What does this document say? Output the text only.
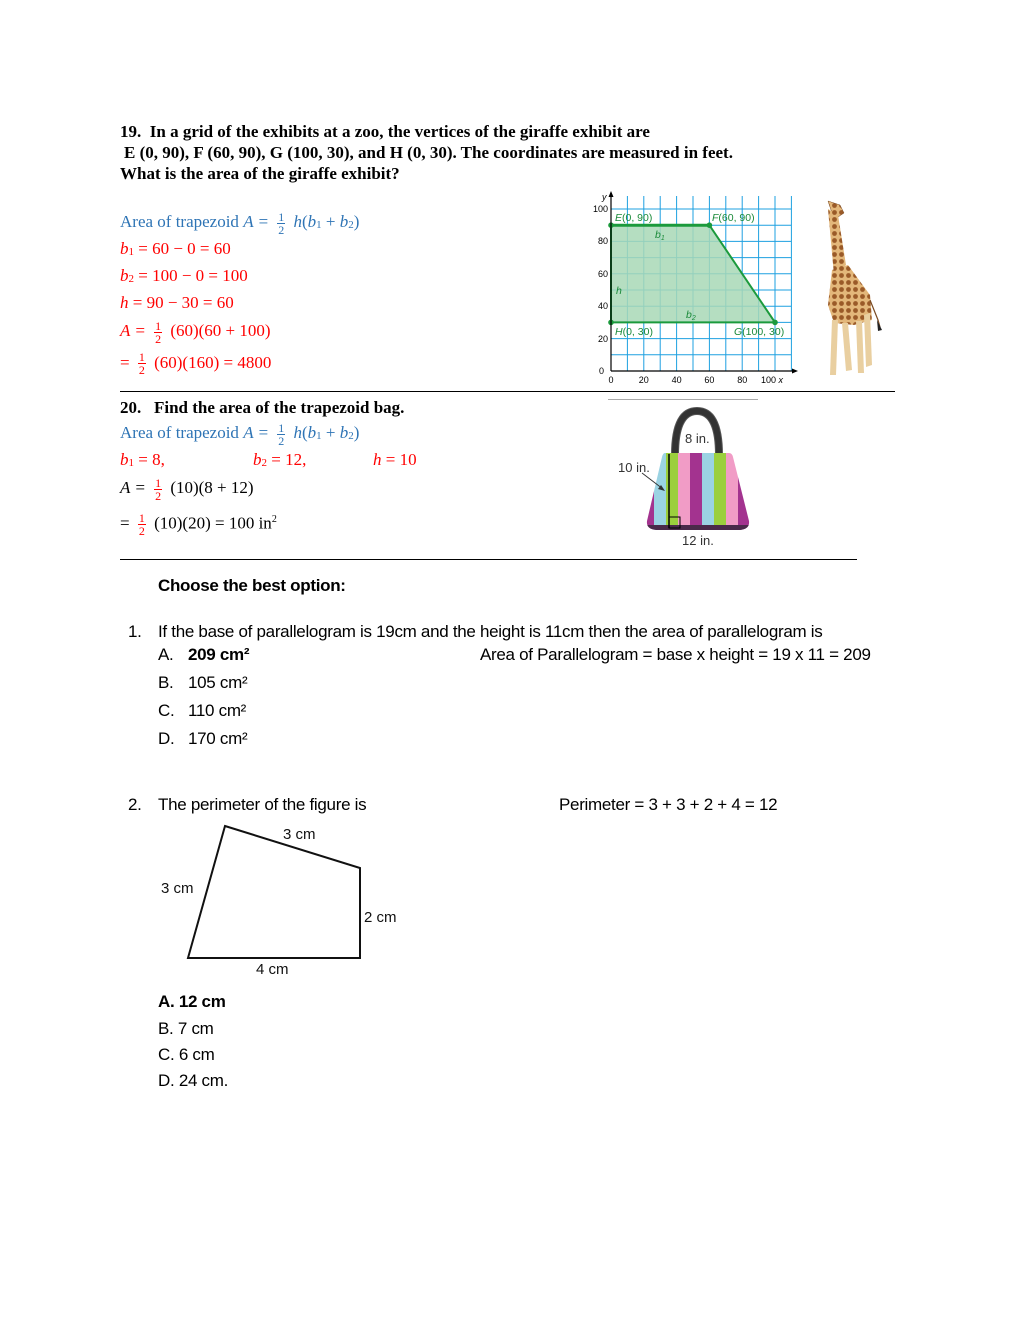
19. In a grid of the exhibits at a zoo, the vertices of the giraffe exhibit are
E (0, 90), F (60, 90), G (100, 30), and H (0, 30). The coordinates are measured in feet.
What is the area of the giraffe exhibit?
Area of trapezoid $A = \frac{1}{2} h(b_1 + b_2)$
$b_1 = 60 - 0 = 60$
$b_2 = 100 - 0 = 100$
h = 90 − 30 = 60
$A = \frac{1}{2} (60)(60 + 100)$
= $\frac{1}{2} (60)(160) = 4800$	0
20
40
60
80
100
0	20	40	60	80 100 x
y
E(0, 90)	F(60, 90)
b1
h
b2
H(0, 30)	G(100, 30)
20. Find the area of the trapezoid bag.
Area of trapezoid $A = \frac{1}{2} h(b_1 + b_2)$
$b_1 = 8$,	$b_2 = 12$,	h = 10
$A = \frac{1}{2} (10)(8 + 12)$
= $\frac{1}{2} (10)(20) = 100$ $in^2$
8 in.
10 in.
12 in.
Choose the best option:
1. If the base of parallelogram is 19cm and the height is 11cm then the area of parallelogram is
A. 209 cm²	Area of Parallelogram = base x height = 19 x 11 = 209
B. 105 cm²
C. 110 cm²
D. 170 cm²
2. The perimeter of the figure is	Perimeter = 3 + 3 + 2 + 4 = 12
3 cm
3 cm
2 cm
4 cm
A. 12 cm
B. 7 cm
C. 6 cm
D. 24 cm.
